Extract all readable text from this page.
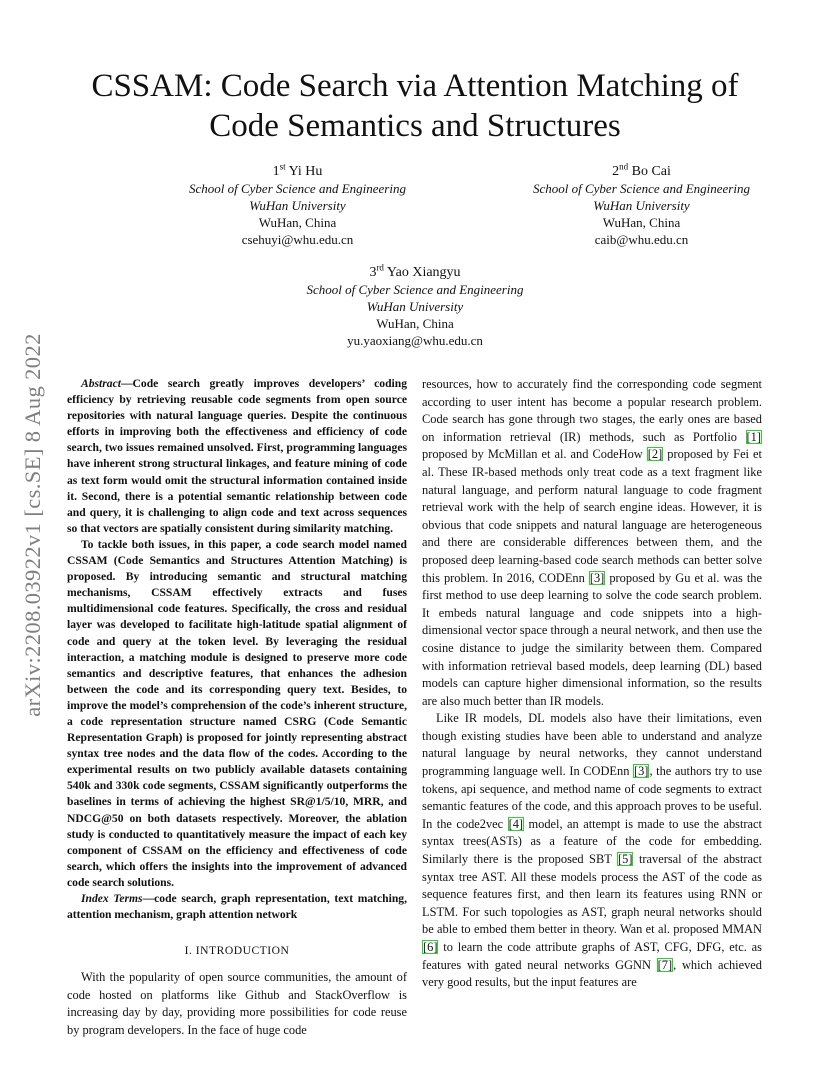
arXiv:2208.03922v1 [cs.SE] 8 Aug 2022
CSSAM: Code Search via Attention Matching of
Code Semantics and Structures
1st Yi Hu
School of Cyber Science and Engineering
WuHan University
WuHan, China
csehuyi@whu.edu.cn
2nd Bo Cai
School of Cyber Science and Engineering
WuHan University
WuHan, China
caib@whu.edu.cn
3rd Yao Xiangyu
School of Cyber Science and Engineering
WuHan University
WuHan, China
yu.yaoxiang@whu.edu.cn

Abstract—Code search greatly improves developers’ coding efficiency by retrieving reusable code segments from open source repositories with natural language queries. Despite the continuous efforts in improving both the effectiveness and efficiency of code search, two issues remained unsolved. First, programming languages have inherent strong structural linkages, and feature mining of code as text form would omit the structural information contained inside it. Second, there is a potential semantic relationship between code and query, it is challenging to align code and text across sequences so that vectors are spatially consistent during similarity matching.

To tackle both issues, in this paper, a code search model named CSSAM (Code Semantics and Structures Attention Matching) is proposed. By introducing semantic and structural matching mechanisms, CSSAM effectively extracts and fuses multidimensional code features. Specifically, the cross and residual layer was developed to facilitate high-latitude spatial alignment of code and query at the token level. By leveraging the residual interaction, a matching module is designed to preserve more code semantics and descriptive features, that enhances the adhesion between the code and its corresponding query text. Besides, to improve the model’s comprehension of the code’s inherent structure, a code representation structure named CSRG (Code Semantic Representation Graph) is proposed for jointly representing abstract syntax tree nodes and the data flow of the codes. According to the experimental results on two publicly available datasets containing 540k and 330k code segments, CSSAM significantly outperforms the baselines in terms of achieving the highest SR@1/5/10, MRR, and NDCG@50 on both datasets respectively. Moreover, the ablation study is conducted to quantitatively measure the impact of each key component of CSSAM on the efficiency and effectiveness of code search, which offers the insights into the improvement of advanced code search solutions.

Index Terms—code search, graph representation, text matching, attention mechanism, graph attention network

I. INTRODUCTION

With the popularity of open source communities, the amount of code hosted on platforms like Github and StackOverflow is increasing day by day, providing more possibilities for code reuse by program developers. In the face of huge code

resources, how to accurately find the corresponding code segment according to user intent has become a popular research problem. Code search has gone through two stages, the early ones are based on information retrieval (IR) methods, such as Portfolio [1] proposed by McMillan et al. and CodeHow [2] proposed by Fei et al. These IR-based methods only treat code as a text fragment like natural language, and perform natural language to code fragment retrieval work with the help of search engine ideas. However, it is obvious that code snippets and natural language are heterogeneous and there are considerable differences between them, and the proposed deep learning-based code search methods can better solve this problem. In 2016, CODEnn [3] proposed by Gu et al. was the first method to use deep learning to solve the code search problem. It embeds natural language and code snippets into a high-dimensional vector space through a neural network, and then use the cosine distance to judge the similarity between them. Compared with information retrieval based models, deep learning (DL) based models can capture higher dimensional information, so the results are also much better than IR models.

Like IR models, DL models also have their limitations, even though existing studies have been able to understand and analyze natural language by neural networks, they cannot understand programming language well. In CODEnn [3], the authors try to use tokens, api sequence, and method name of code segments to extract semantic features of the code, and this approach proves to be useful. In the code2vec [4] model, an attempt is made to use the abstract syntax trees(ASTs) as a feature of the code for embedding. Similarly there is the proposed SBT [5] traversal of the abstract syntax tree AST. All these models process the AST of the code as sequence features first, and then learn its features using RNN or LSTM. For such topologies as AST, graph neural networks should be able to embed them better in theory. Wan et al. proposed MMAN [6] to learn the code attribute graphs of AST, CFG, DFG, etc. as features with gated neural networks GGNN [7], which achieved very good results, but the input features are
